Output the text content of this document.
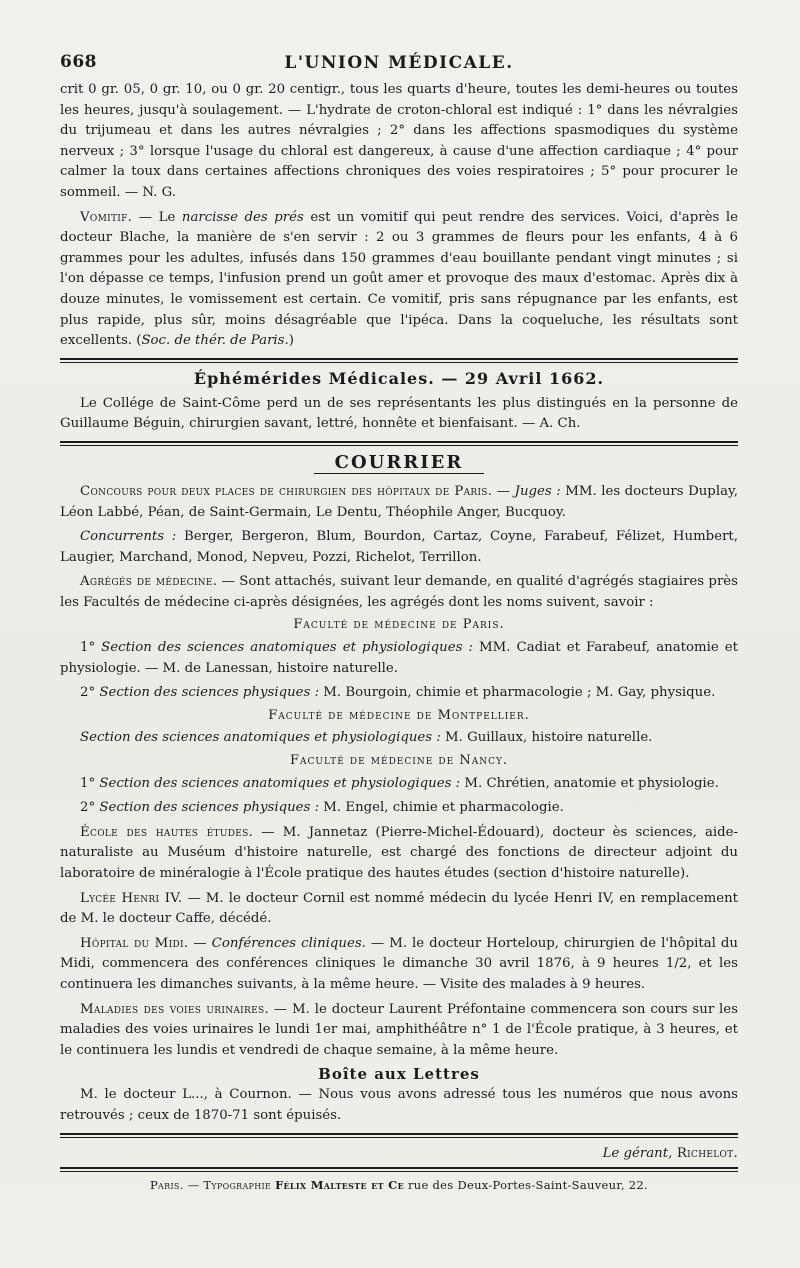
668	L'UNION MÉDICALE.

crit 0 gr. 05, 0 gr. 10, ou 0 gr. 20 centigr., tous les quarts d'heure, toutes les demi-heures ou toutes les heures, jusqu'à soulagement. — L'hydrate de croton-chloral est indiqué : 1° dans les névralgies du trijumeau et dans les autres névralgies ; 2° dans les affections spasmodiques du système nerveux ; 3° lorsque l'usage du chloral est dangereux, à cause d'une affection cardiaque ; 4° pour calmer la toux dans certaines affections chroniques des voies respiratoires ; 5° pour procurer le sommeil. — N. G.

Vomitif. — Le narcisse des prés est un vomitif qui peut rendre des services. Voici, d'après le docteur Blache, la manière de s'en servir : 2 ou 3 grammes de fleurs pour les enfants, 4 à 6 grammes pour les adultes, infusés dans 150 grammes d'eau bouillante pendant vingt minutes ; si l'on dépasse ce temps, l'infusion prend un goût amer et provoque des maux d'estomac. Après dix à douze minutes, le vomissement est certain. Ce vomitif, pris sans répugnance par les enfants, est plus rapide, plus sûr, moins désagréable que l'ipéca. Dans la coqueluche, les résultats sont excellents. (Soc. de thér. de Paris.)

Éphémérides Médicales. — 29 Avril 1662.

Le Collége de Saint-Côme perd un de ses représentants les plus distingués en la personne de Guillaume Béguin, chirurgien savant, lettré, honnête et bienfaisant. — A. Ch.

COURRIER

Concours pour deux places de chirurgien des hôpitaux de Paris. — Juges : MM. les docteurs Duplay, Léon Labbé, Péan, de Saint-Germain, Le Dentu, Théophile Anger, Bucquoy.

Concurrents : Berger, Bergeron, Blum, Bourdon, Cartaz, Coyne, Farabeuf, Félizet, Humbert, Laugier, Marchand, Monod, Nepveu, Pozzi, Richelot, Terrillon.

Agrégés de médecine. — Sont attachés, suivant leur demande, en qualité d'agrégés stagiaires près les Facultés de médecine ci-après désignées, les agrégés dont les noms suivent, savoir :

Faculté de médecine de Paris.

1° Section des sciences anatomiques et physiologiques : MM. Cadiat et Farabeuf, anatomie et physiologie. — M. de Lanessan, histoire naturelle.

2° Section des sciences physiques : M. Bourgoin, chimie et pharmacologie ; M. Gay, physique.

Faculté de médecine de Montpellier.

Section des sciences anatomiques et physiologiques : M. Guillaux, histoire naturelle.

Faculté de médecine de Nancy.

1° Section des sciences anatomiques et physiologiques : M. Chrétien, anatomie et physiologie.

2° Section des sciences physiques : M. Engel, chimie et pharmacologie.

École des hautes études. — M. Jannetaz (Pierre-Michel-Édouard), docteur ès sciences, aide-naturaliste au Muséum d'histoire naturelle, est chargé des fonctions de directeur adjoint du laboratoire de minéralogie à l'École pratique des hautes études (section d'histoire naturelle).

Lycée Henri IV. — M. le docteur Cornil est nommé médecin du lycée Henri IV, en remplacement de M. le docteur Caffe, décédé.

Hôpital du Midi. — Conférences cliniques. — M. le docteur Horteloup, chirurgien de l'hôpital du Midi, commencera des conférences cliniques le dimanche 30 avril 1876, à 9 heures 1/2, et les continuera les dimanches suivants, à la même heure. — Visite des malades à 9 heures.

Maladies des voies urinaires. — M. le docteur Laurent Préfontaine commencera son cours sur les maladies des voies urinaires le lundi 1er mai, amphithéâtre n° 1 de l'École pratique, à 3 heures, et le continuera les lundis et vendredi de chaque semaine, à la même heure.

Boîte aux Lettres

M. le docteur L..., à Cournon. — Nous vous avons adressé tous les numéros que nous avons retrouvés ; ceux de 1870-71 sont épuisés.

Le gérant, Richelot.
Paris. — Typographie Félix Malteste et Ce rue des Deux-Portes-Saint-Sauveur, 22.
